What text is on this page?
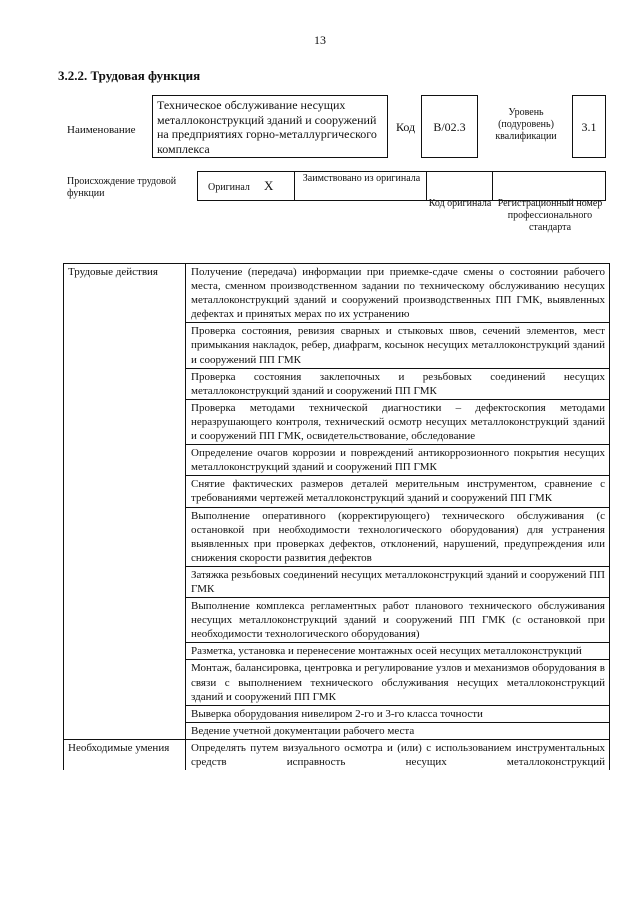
13
3.2.2. Трудовая функция
Наименование
Техническое обслуживание несущих металлоконструкций зданий и сооружений на предприятиях горно-металлургического комплекса
Код	B/02.3
Уровень (подуровень) квалификации
3.1
Происхождение трудовой функции
Оригинал X	Заимствовано из оригинала
Код оригинала Регистрационный номер профессионального стандарта
Трудовые действия	Получение (передача) информации при приемке-сдаче смены о состоянии рабочего места, сменном производственном задании по техническому обслуживанию несущих металлоконструкций зданий и сооружений производственных ПП ГМК, выявленных дефектах и принятых мерах по их устранению
	Проверка состояния, ревизия сварных и стыковых швов, сечений элементов, мест примыкания накладок, ребер, диафрагм, косынок несущих металлоконструкций зданий и сооружений ПП ГМК
	Проверка состояния заклепочных и резьбовых соединений несущих металлоконструкций зданий и сооружений ПП ГМК
	Проверка методами технической диагностики – дефектоскопия методами неразрушающего контроля, технический осмотр несущих металлоконструкций зданий и сооружений ПП ГМК, освидетельствование, обследование
	Определение очагов коррозии и повреждений антикоррозионного покрытия несущих металлоконструкций зданий и сооружений ПП ГМК
	Снятие фактических размеров деталей мерительным инструментом, сравнение с требованиями чертежей металлоконструкций зданий и сооружений ПП ГМК
	Выполнение оперативного (корректирующего) технического обслуживания (с остановкой при необходимости технологического оборудования) для устранения выявленных при проверках дефектов, отклонений, нарушений, предупреждения или снижения скорости развития дефектов
	Затяжка резьбовых соединений несущих металлоконструкций зданий и сооружений ПП ГМК
	Выполнение комплекса регламентных работ планового технического обслуживания несущих металлоконструкций зданий и сооружений ПП ГМК (с остановкой при необходимости технологического оборудования)
	Разметка, установка и перенесение монтажных осей несущих металлоконструкций
	Монтаж, балансировка, центровка и регулирование узлов и механизмов оборудования в связи с выполнением технического обслуживания несущих металлоконструкций зданий и сооружений ПП ГМК
	Выверка оборудования нивелиром 2-го и 3-го класса точности
	Ведение учетной документации рабочего места
Необходимые умения	Определять путем визуального осмотра и (или) с использованием инструментальных средств исправность несущих металлоконструкций
